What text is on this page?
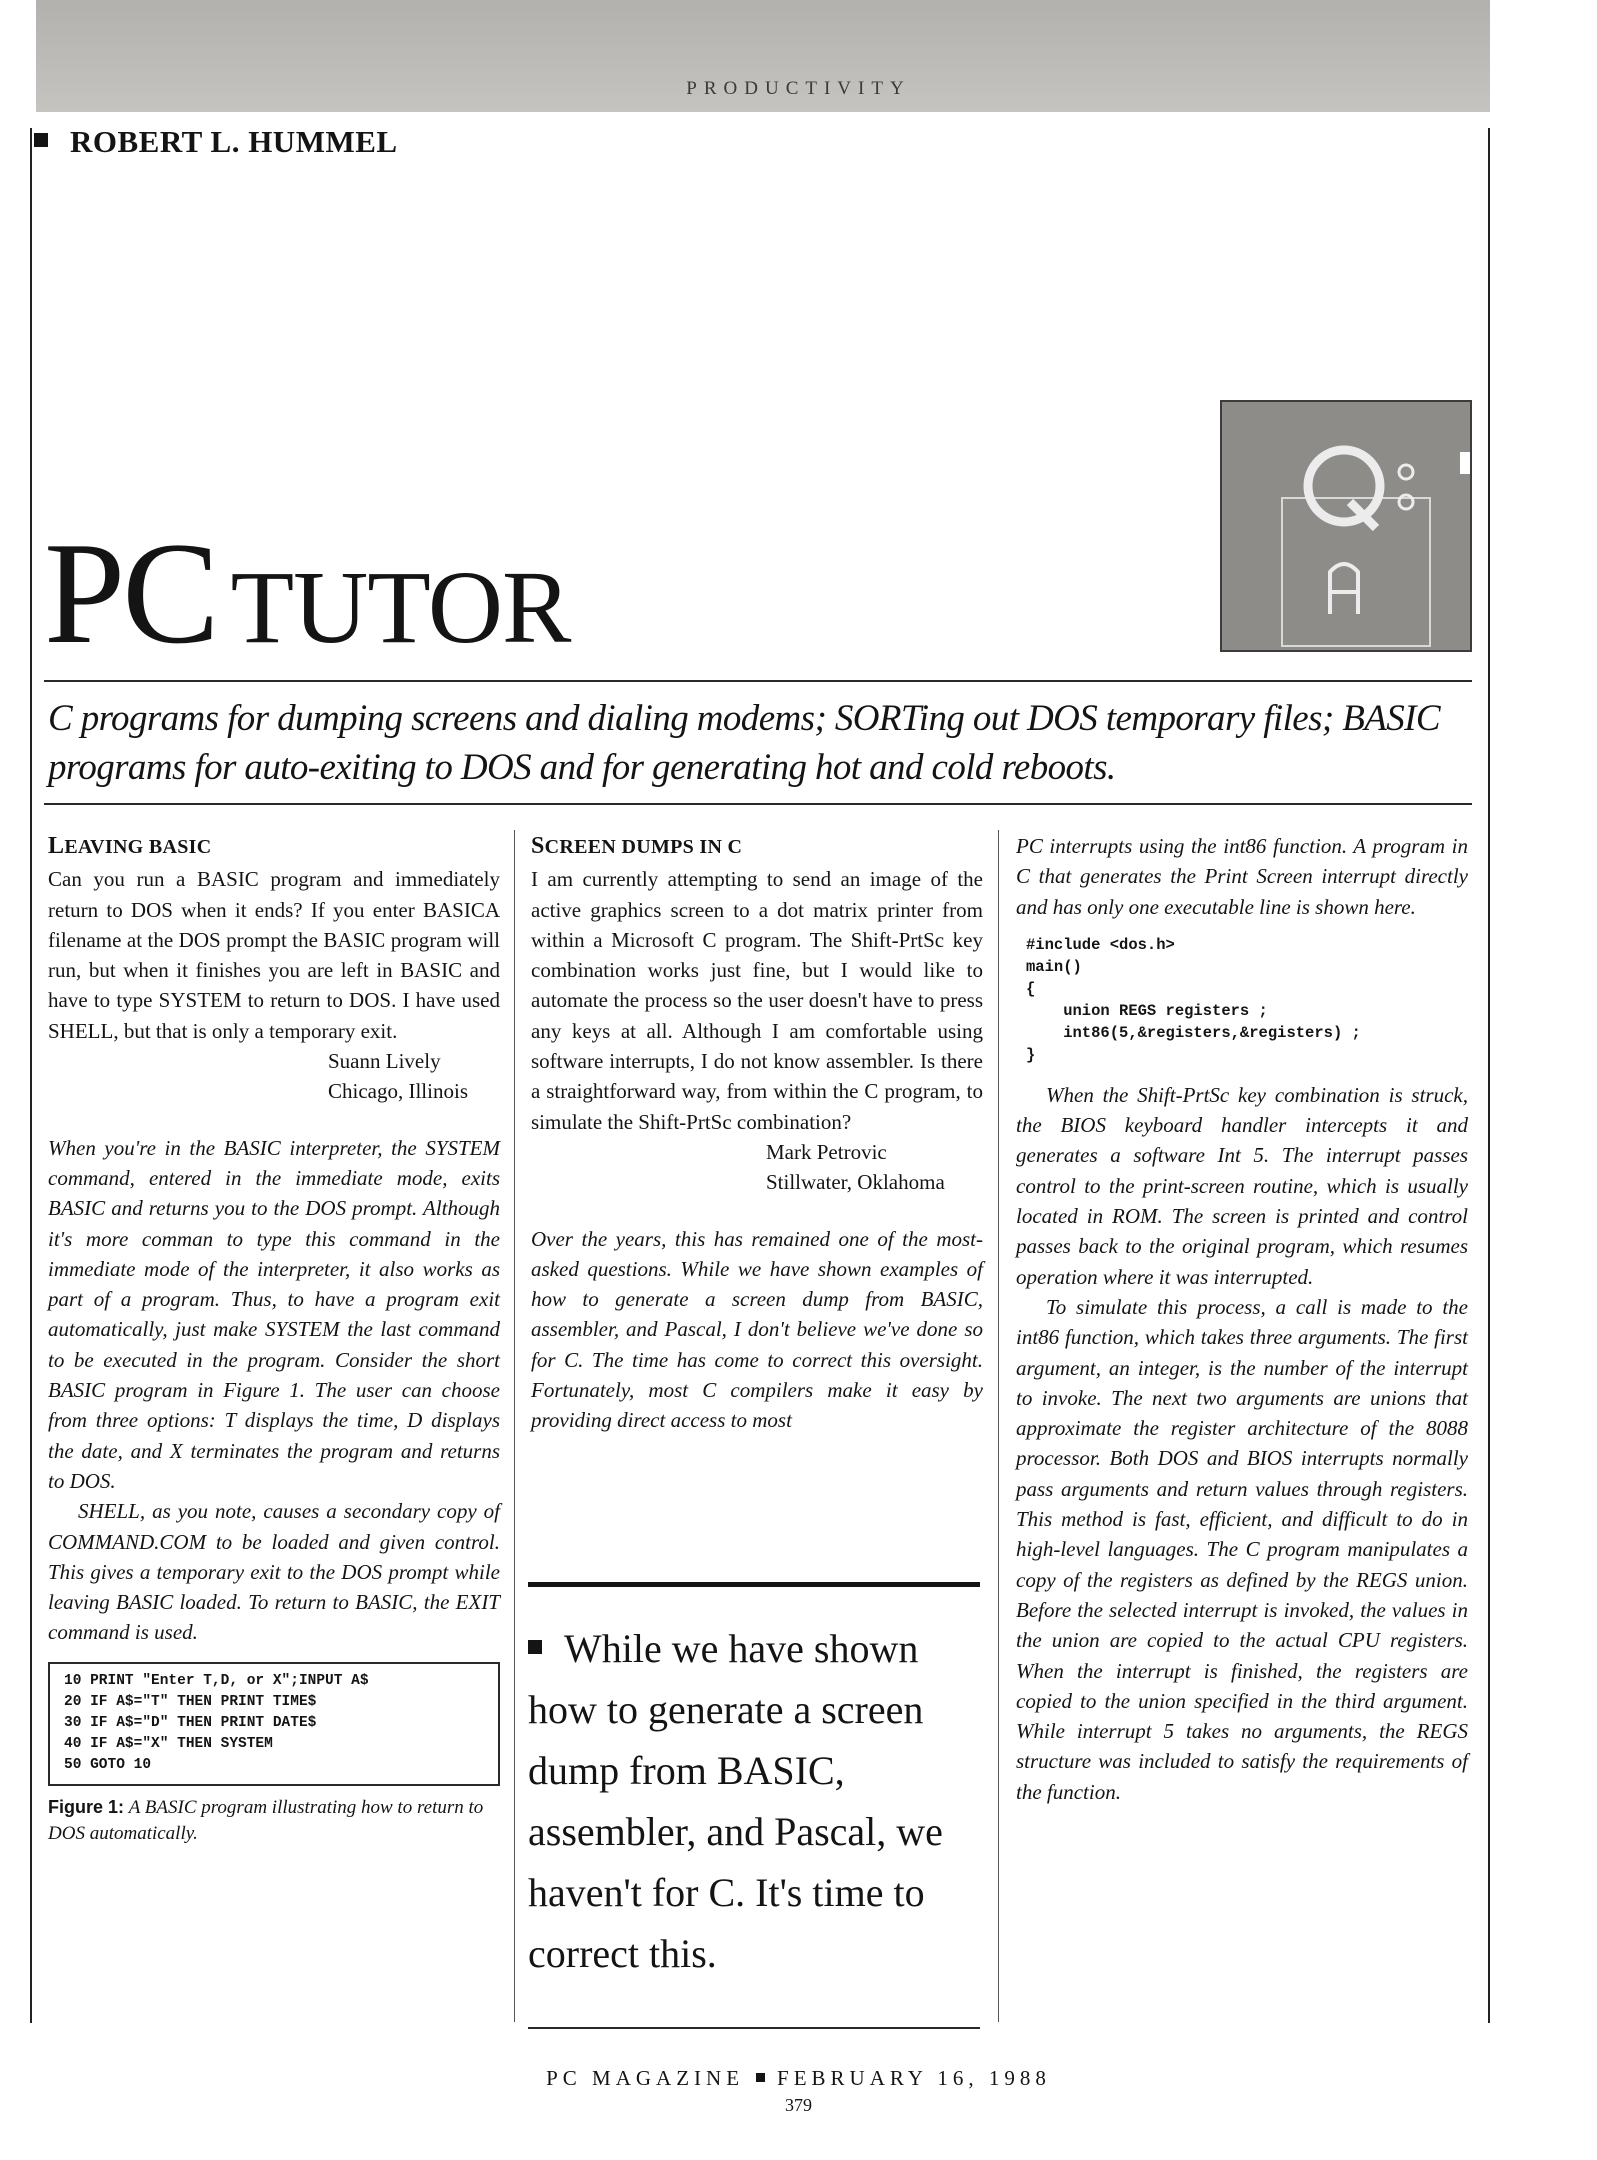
PRODUCTIVITY
ROBERT L. HUMMEL
PC TUTOR
C programs for dumping screens and dialing modems; SORTing out DOS temporary files; BASIC programs for auto-exiting to DOS and for generating hot and cold reboots.
LEAVING BASIC

Can you run a BASIC program and immediately return to DOS when it ends? If you enter BASICA filename at the DOS prompt the BASIC program will run, but when it finishes you are left in BASIC and have to type SYSTEM to return to DOS. I have used SHELL, but that is only a temporary exit.

Suann Lively

Chicago, Illinois

When you're in the BASIC interpreter, the SYSTEM command, entered in the immediate mode, exits BASIC and returns you to the DOS prompt. Although it's more comman to type this command in the immediate mode of the interpreter, it also works as part of a program. Thus, to have a program exit automatically, just make SYSTEM the last command to be executed in the program. Consider the short BASIC program in Figure 1. The user can choose from three options: T displays the time, D displays the date, and X terminates the program and returns to DOS.

SHELL, as you note, causes a secondary copy of COMMAND.COM to be loaded and given control. This gives a temporary exit to the DOS prompt while leaving BASIC loaded. To return to BASIC, the EXIT command is used.

10 PRINT "Enter T,D, or X";INPUT A$
20 IF A$="T" THEN PRINT TIME$
30 IF A$="D" THEN PRINT DATE$
40 IF A$="X" THEN SYSTEM
50 GOTO 10
Figure 1: A BASIC program illustrating how to return to DOS automatically.
SCREEN DUMPS IN C

I am currently attempting to send an image of the active graphics screen to a dot matrix printer from within a Microsoft C program. The Shift-PrtSc key combination works just fine, but I would like to automate the process so the user doesn't have to press any keys at all. Although I am comfortable using software interrupts, I do not know assembler. Is there a straightforward way, from within the C program, to simulate the Shift-PrtSc combination?

Mark Petrovic

Stillwater, Oklahoma

Over the years, this has remained one of the most-asked questions. While we have shown examples of how to generate a screen dump from BASIC, assembler, and Pascal, I don't believe we've done so for C. The time has come to correct this oversight. Fortunately, most C compilers make it easy by providing direct access to most

While we have shown how to generate a screen dump from BASIC, assembler, and Pascal, we haven't for C. It's time to correct this.

PC interrupts using the int86 function. A program in C that generates the Print Screen interrupt directly and has only one executable line is shown here.

#include <dos.h>
main()
{
union REGS registers ;
int86(5,&registers,&registers) ;
}

When the Shift-PrtSc key combination is struck, the BIOS keyboard handler intercepts it and generates a software Int 5. The interrupt passes control to the print-screen routine, which is usually located in ROM. The screen is printed and control passes back to the original program, which resumes operation where it was interrupted.

To simulate this process, a call is made to the int86 function, which takes three arguments. The first argument, an integer, is the number of the interrupt to invoke. The next two arguments are unions that approximate the register architecture of the 8088 processor. Both DOS and BIOS interrupts normally pass arguments and return values through registers. This method is fast, efficient, and difficult to do in high-level languages. The C program manipulates a copy of the registers as defined by the REGS union. Before the selected interrupt is invoked, the values in the union are copied to the actual CPU registers. When the interrupt is finished, the registers are copied to the union specified in the third argument. While interrupt 5 takes no arguments, the REGS structure was included to satisfy the requirements of the function.

PC MAGAZINE FEBRUARY 16, 1988
379
